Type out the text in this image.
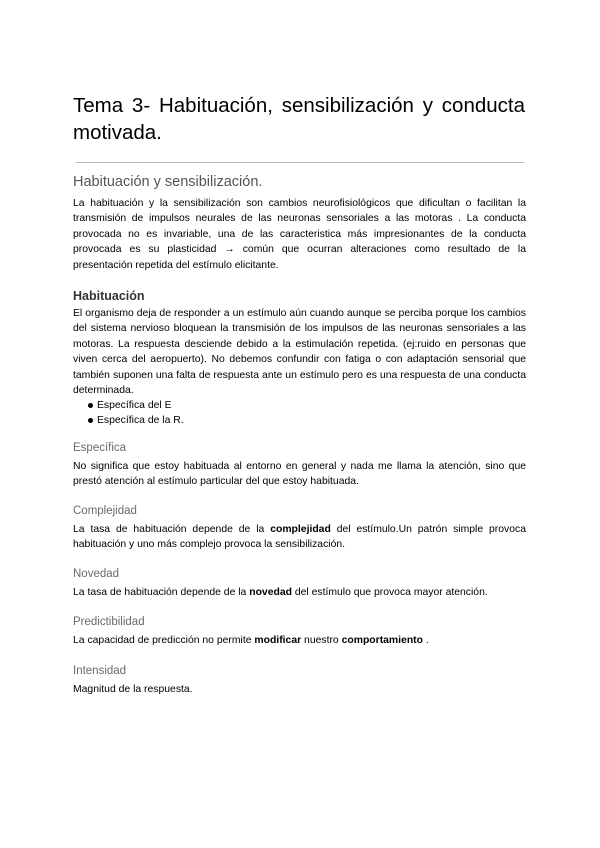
Tema 3- Habituación, sensibilización y conducta motivada.
Habituación y sensibilización.

La habituación y la sensibilización son cambios neurofisiológicos que dificultan o facilitan la transmisión de impulsos neurales de las neuronas sensoriales a las motoras . La conducta provocada no es invariable, una de las caracteristica más impresionantes de la conducta provocada es su plasticidad → común que ocurran alteraciones como resultado de la presentación repetida del estímulo elicitante.

Habituación

El organismo deja de responder a un estímulo aún cuando aunque se perciba porque los cambios del sistema nervioso bloquean la transmisión de los impulsos de las neuronas sensoriales a las motoras. La respuesta desciende debido a la estimulación repetida. (ej:ruido en personas que viven cerca del aeropuerto). No debemos confundir con fatiga o con adaptación sensorial que también suponen una falta de respuesta ante un estímulo pero es una respuesta de una conducta determinada.

Específica del E
Específica de la R.
Específica

No significa que estoy habituada al entorno en general y nada me llama la atención, sino que prestó atención al estímulo particular del que estoy habituada.

Complejidad

La tasa de habituación depende de la complejidad del estímulo.Un patrón simple provoca habituación y uno más complejo provoca la sensibilización.

Novedad

La tasa de habituación depende de la novedad del estímulo que provoca mayor atención.

Predictibilidad

La capacidad de predicción no permite modificar nuestro comportamiento .

Intensidad

Magnitud de la respuesta.
